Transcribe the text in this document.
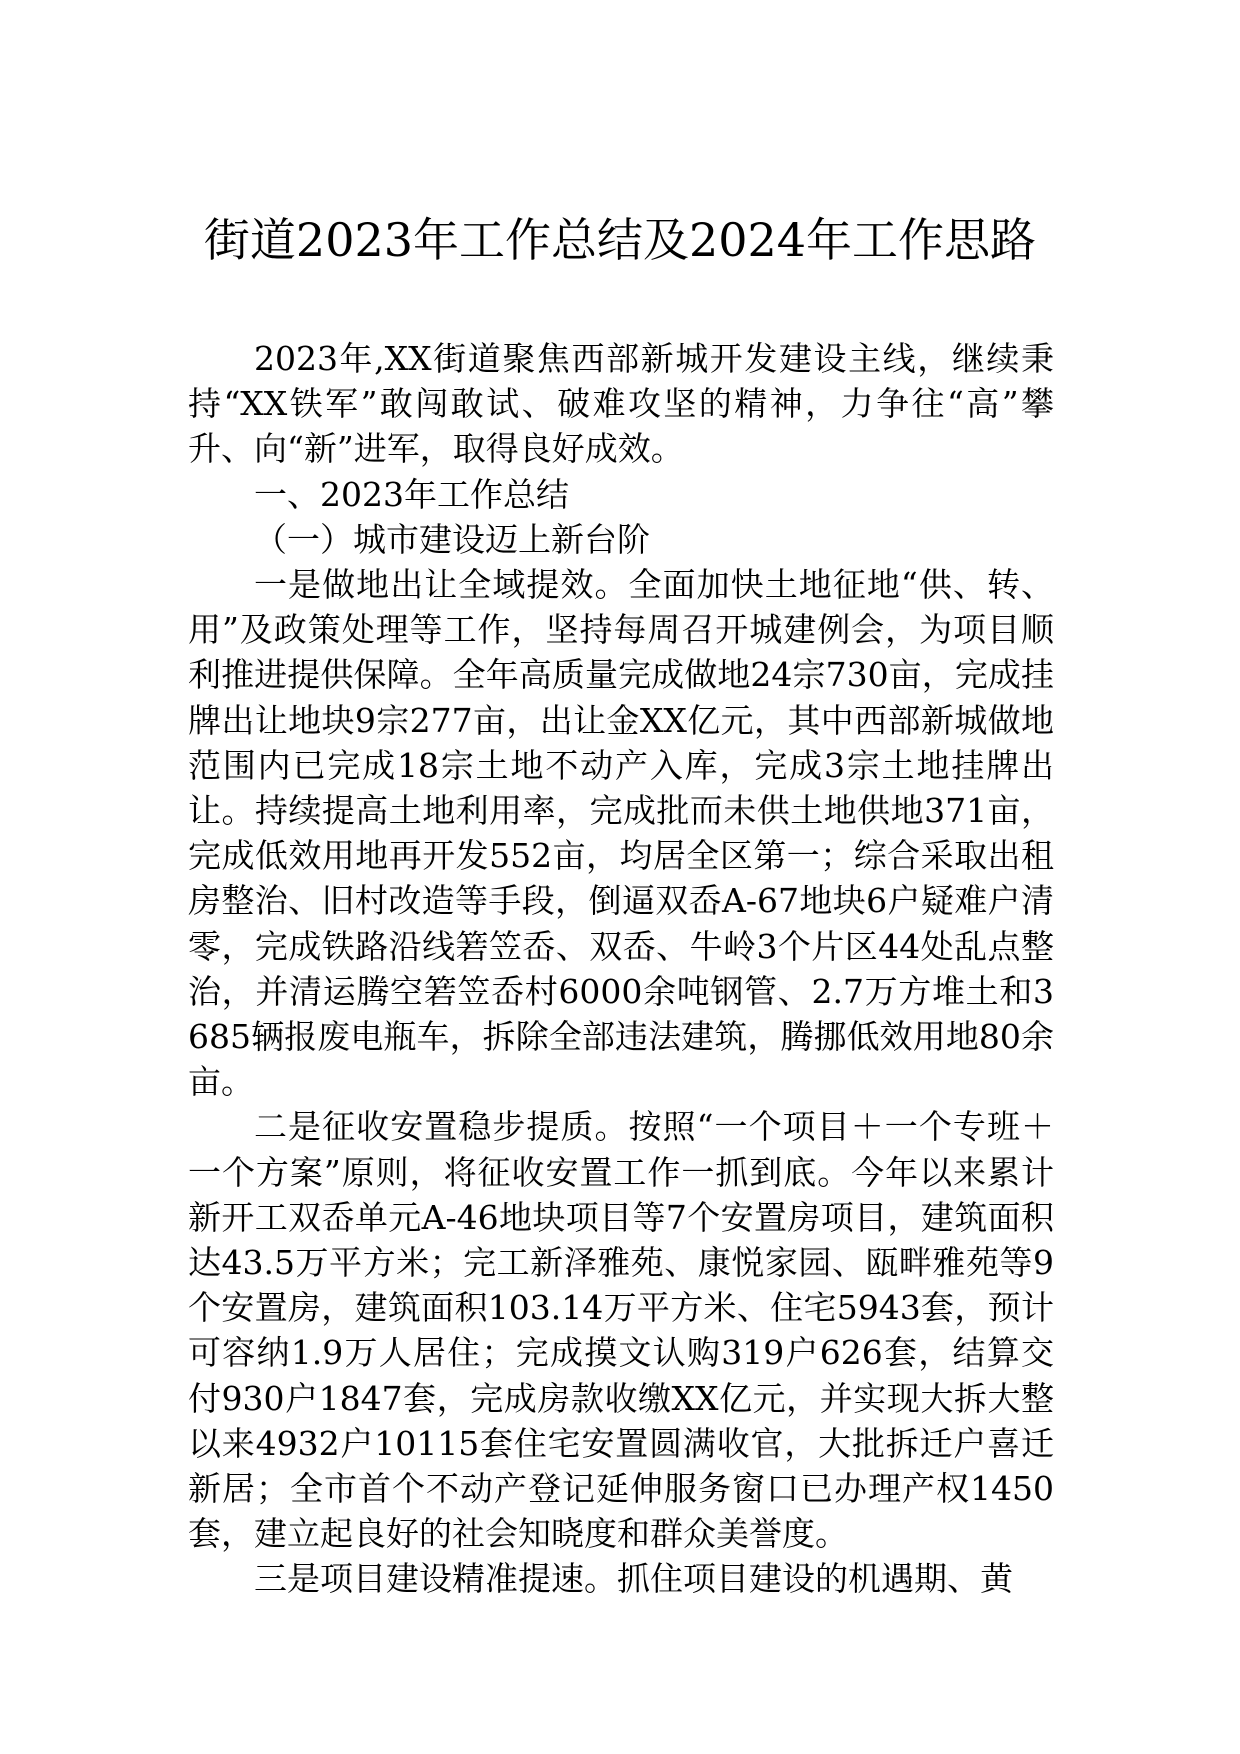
街道2023年工作总结及2024年工作思路

2023年,XX街道聚焦西部新城开发建设主线，继续秉持“XX铁军”敢闯敢试、破难攻坚的精神，力争往“高”攀升、向“新”进军，取得良好成效。

一、2023年工作总结

（一）城市建设迈上新台阶

一是做地出让全域提效。全面加快土地征地“供、转、用”及政策处理等工作，坚持每周召开城建例会，为项目顺利推进提供保障。全年高质量完成做地24宗730亩，完成挂牌出让地块9宗277亩，出让金XX亿元，其中西部新城做地范围内已完成18宗土地不动产入库，完成3宗土地挂牌出让。持续提高土地利用率，完成批而未供土地供地371亩，完成低效用地再开发552亩，均居全区第一；综合采取出租房整治、旧村改造等手段，倒逼双岙A-67地块6户疑难户清零，完成铁路沿线箬笠岙、双岙、牛岭3个片区44处乱点整治，并清运腾空箬笠岙村6000余吨钢管、2.7万方堆土和3685辆报废电瓶车，拆除全部违法建筑，腾挪低效用地80余亩。

二是征收安置稳步提质。按照“一个项目＋一个专班＋一个方案”原则，将征收安置工作一抓到底。今年以来累计新开工双岙单元A-46地块项目等7个安置房项目，建筑面积达43.5万平方米；完工新泽雅苑、康悦家园、瓯畔雅苑等9个安置房，建筑面积103.14万平方米、住宅5943套，预计可容纳1.9万人居住；完成摸文认购319户626套，结算交付930户1847套，完成房款收缴XX亿元，并实现大拆大整以来4932户10115套住宅安置圆满收官，大批拆迁户喜迁新居；全市首个不动产登记延伸服务窗口已办理产权1450套，建立起良好的社会知晓度和群众美誉度。

三是项目建设精准提速。抓住项目建设的机遇期、黄
